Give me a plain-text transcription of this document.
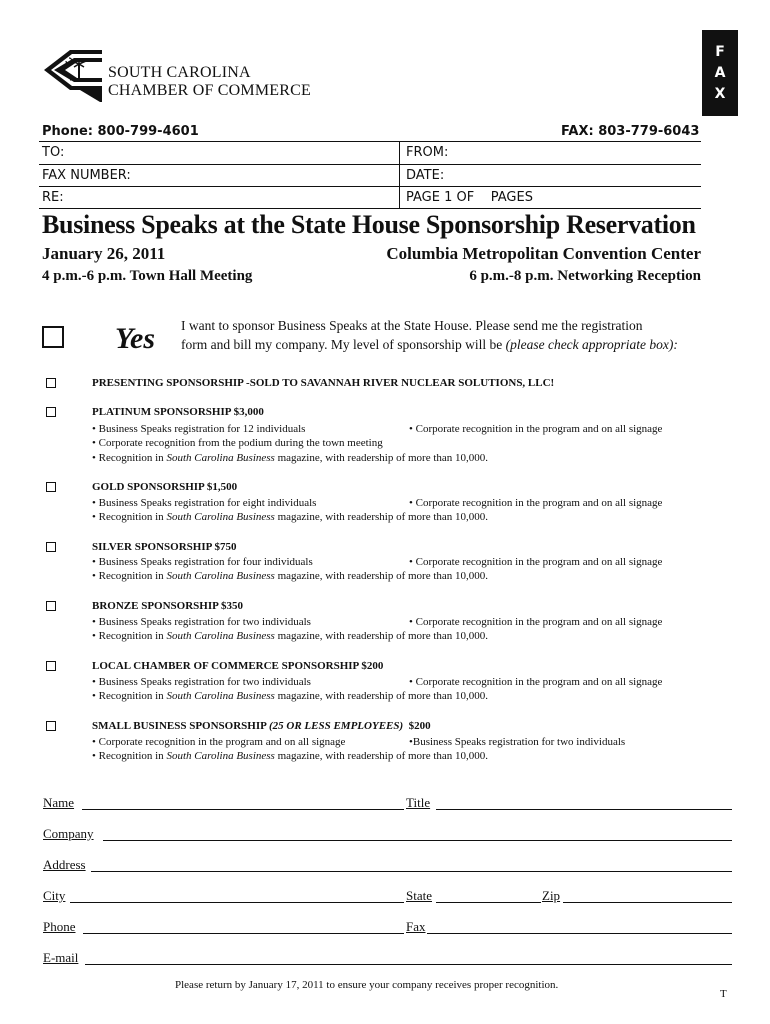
F
A
X
SOUTH CAROLINA
CHAMBER OF COMMERCE
Phone: 800-799-4601	FAX: 803-779-6043
TO:	FROM:
FAX NUMBER:	DATE:
RE:	PAGE 1 OF    PAGES
Business Speaks at the State House Sponsorship Reservation
January 26, 2011	Columbia Metropolitan Convention Center
4 p.m.-6 p.m. Town Hall Meeting	6 p.m.-8 p.m. Networking Reception
Yes I want to sponsor Business Speaks at the State House. Please send me the registration
form and bill my company. My level of sponsorship will be (please check appropriate box):
PRESENTING SPONSORSHIP -SOLD TO SAVANNAH RIVER NUCLEAR SOLUTIONS, LLC!
PLATINUM SPONSORSHIP $3,000
• Business Speaks registration for 12 individuals	• Corporate recognition in the program and on all signage
• Corporate recognition from the podium during the town meeting
• Recognition in South Carolina Business magazine, with readership of more than 10,000.
GOLD SPONSORSHIP $1,500
• Business Speaks registration for eight individuals	• Corporate recognition in the program and on all signage
• Recognition in South Carolina Business magazine, with readership of more than 10,000.
SILVER SPONSORSHIP $750
• Business Speaks registration for four individuals	• Corporate recognition in the program and on all signage
• Recognition in South Carolina Business magazine, with readership of more than 10,000.
BRONZE SPONSORSHIP $350
• Business Speaks registration for two individuals	• Corporate recognition in the program and on all signage
• Recognition in South Carolina Business magazine, with readership of more than 10,000.
LOCAL CHAMBER OF COMMERCE SPONSORSHIP $200
• Business Speaks registration for two individuals	• Corporate recognition in the program and on all signage
• Recognition in South Carolina Business magazine, with readership of more than 10,000.
SMALL BUSINESS SPONSORSHIP (25 OR LESS EMPLOYEES)  $200
• Corporate recognition in the program and on all signage	•Business Speaks registration for two individuals
• Recognition in South Carolina Business magazine, with readership of more than 10,000.
Name	Title
Company
Address
City	State	Zip
Phone	Fax
E-mail
Please return by January 17, 2011 to ensure your company receives proper recognition.
T
